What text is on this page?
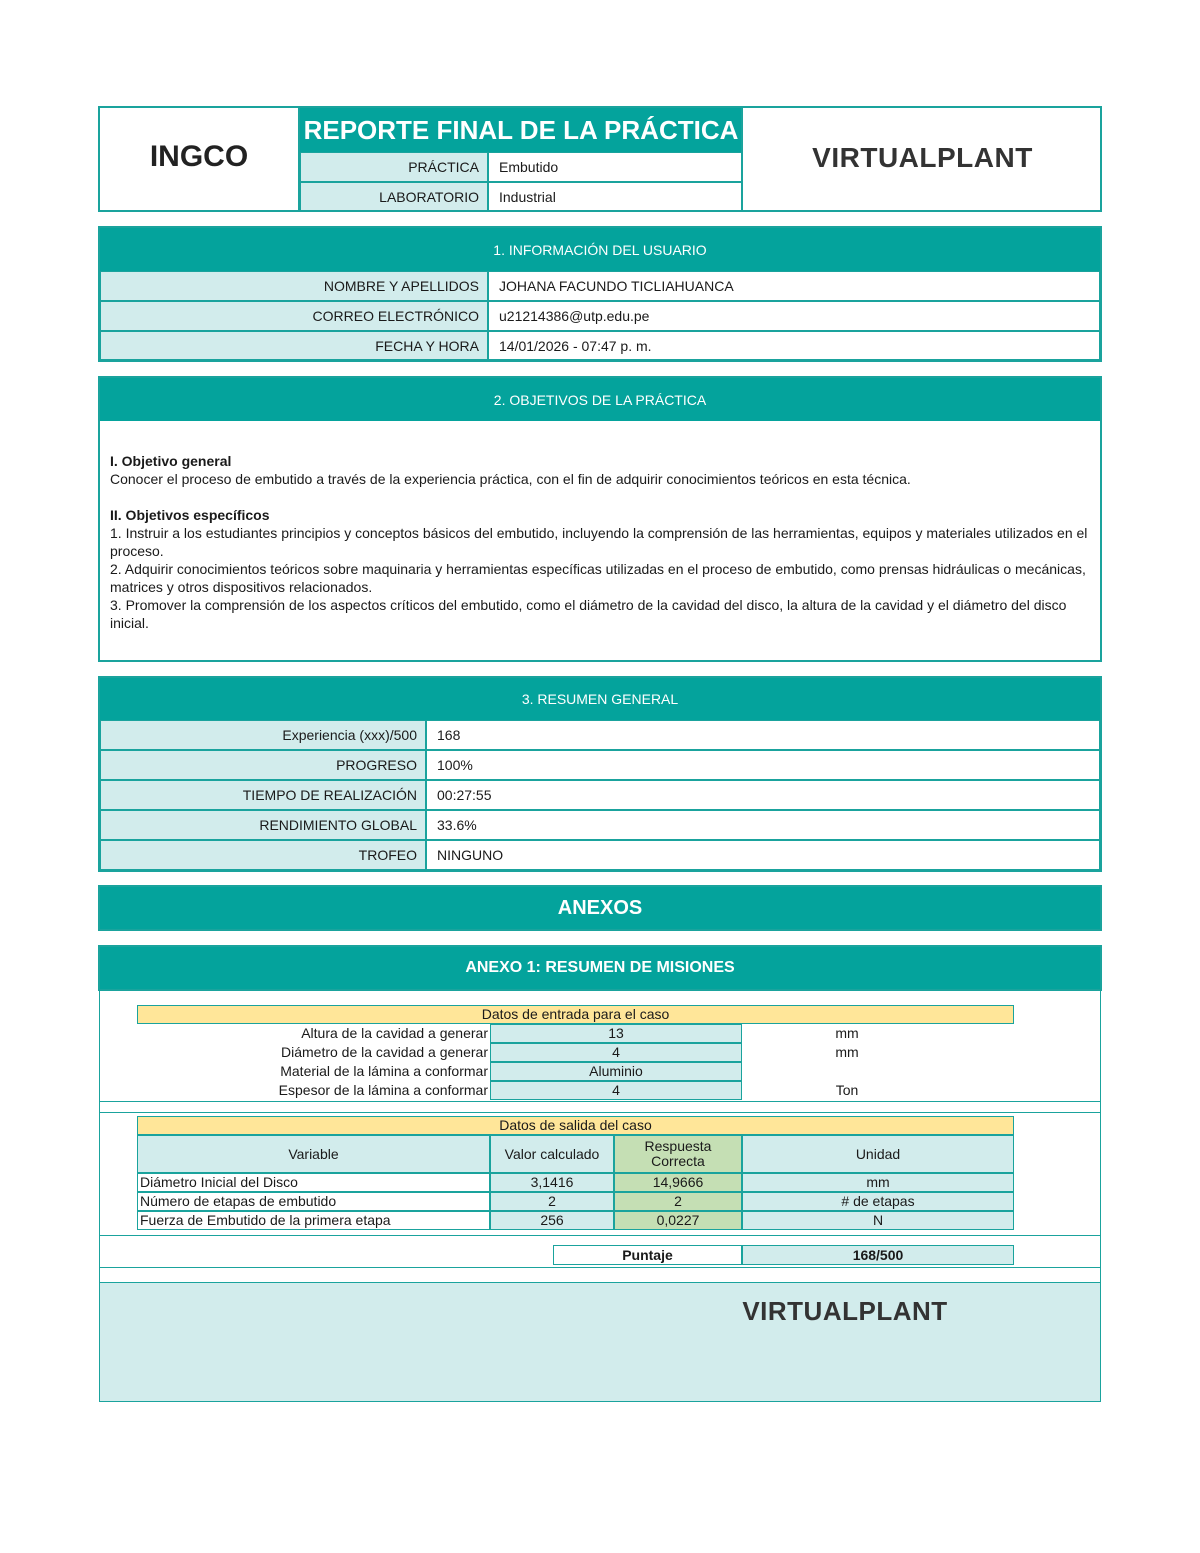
INGCO
REPORTE FINAL DE LA PRÁCTICA
PRÁCTICA	Embutido
LABORATORIO	Industrial
VIRTUALPLANT
1. INFORMACIÓN DEL USUARIO
NOMBRE Y APELLIDOS	JOHANA FACUNDO TICLIAHUANCA
CORREO ELECTRÓNICO	u21214386@utp.edu.pe
FECHA Y HORA	14/01/2026 - 07:47 p. m.
2. OBJETIVOS DE LA PRÁCTICA
I. Objetivo general
Conocer el proceso de embutido a través de la experiencia práctica, con el fin de adquirir conocimientos teóricos en esta técnica.
II. Objetivos específicos
1. Instruir a los estudiantes principios y conceptos básicos del embutido, incluyendo la comprensión de las herramientas, equipos y materiales utilizados en el proceso.
2. Adquirir conocimientos teóricos sobre maquinaria y herramientas específicas utilizadas en el proceso de embutido, como prensas hidráulicas o mecánicas, matrices y otros dispositivos relacionados.
3. Promover la comprensión de los aspectos críticos del embutido, como el diámetro de la cavidad del disco, la altura de la cavidad y el diámetro del disco inicial.
3. RESUMEN GENERAL
Experiencia (xxx)/500	168
PROGRESO	100%
TIEMPO DE REALIZACIÓN	00:27:55
RENDIMIENTO GLOBAL	33.6%
TROFEO	NINGUNO
ANEXOS
ANEXO 1: RESUMEN DE MISIONES
Datos de entrada para el caso
Altura de la cavidad a generar	13	mm
Diámetro de la cavidad a generar	4	mm
Material de la lámina a conformar	Aluminio
Espesor de la lámina a conformar	4	Ton
Datos de salida del caso
Variable	Valor calculado	Respuesta Correcta	Unidad
Diámetro Inicial del Disco	3,1416	14,9666	mm
Número de etapas de embutido	2	2	# de etapas
Fuerza de Embutido de la primera etapa	256	0,0227	N
Puntaje	168/500
VIRTUALPLANT
